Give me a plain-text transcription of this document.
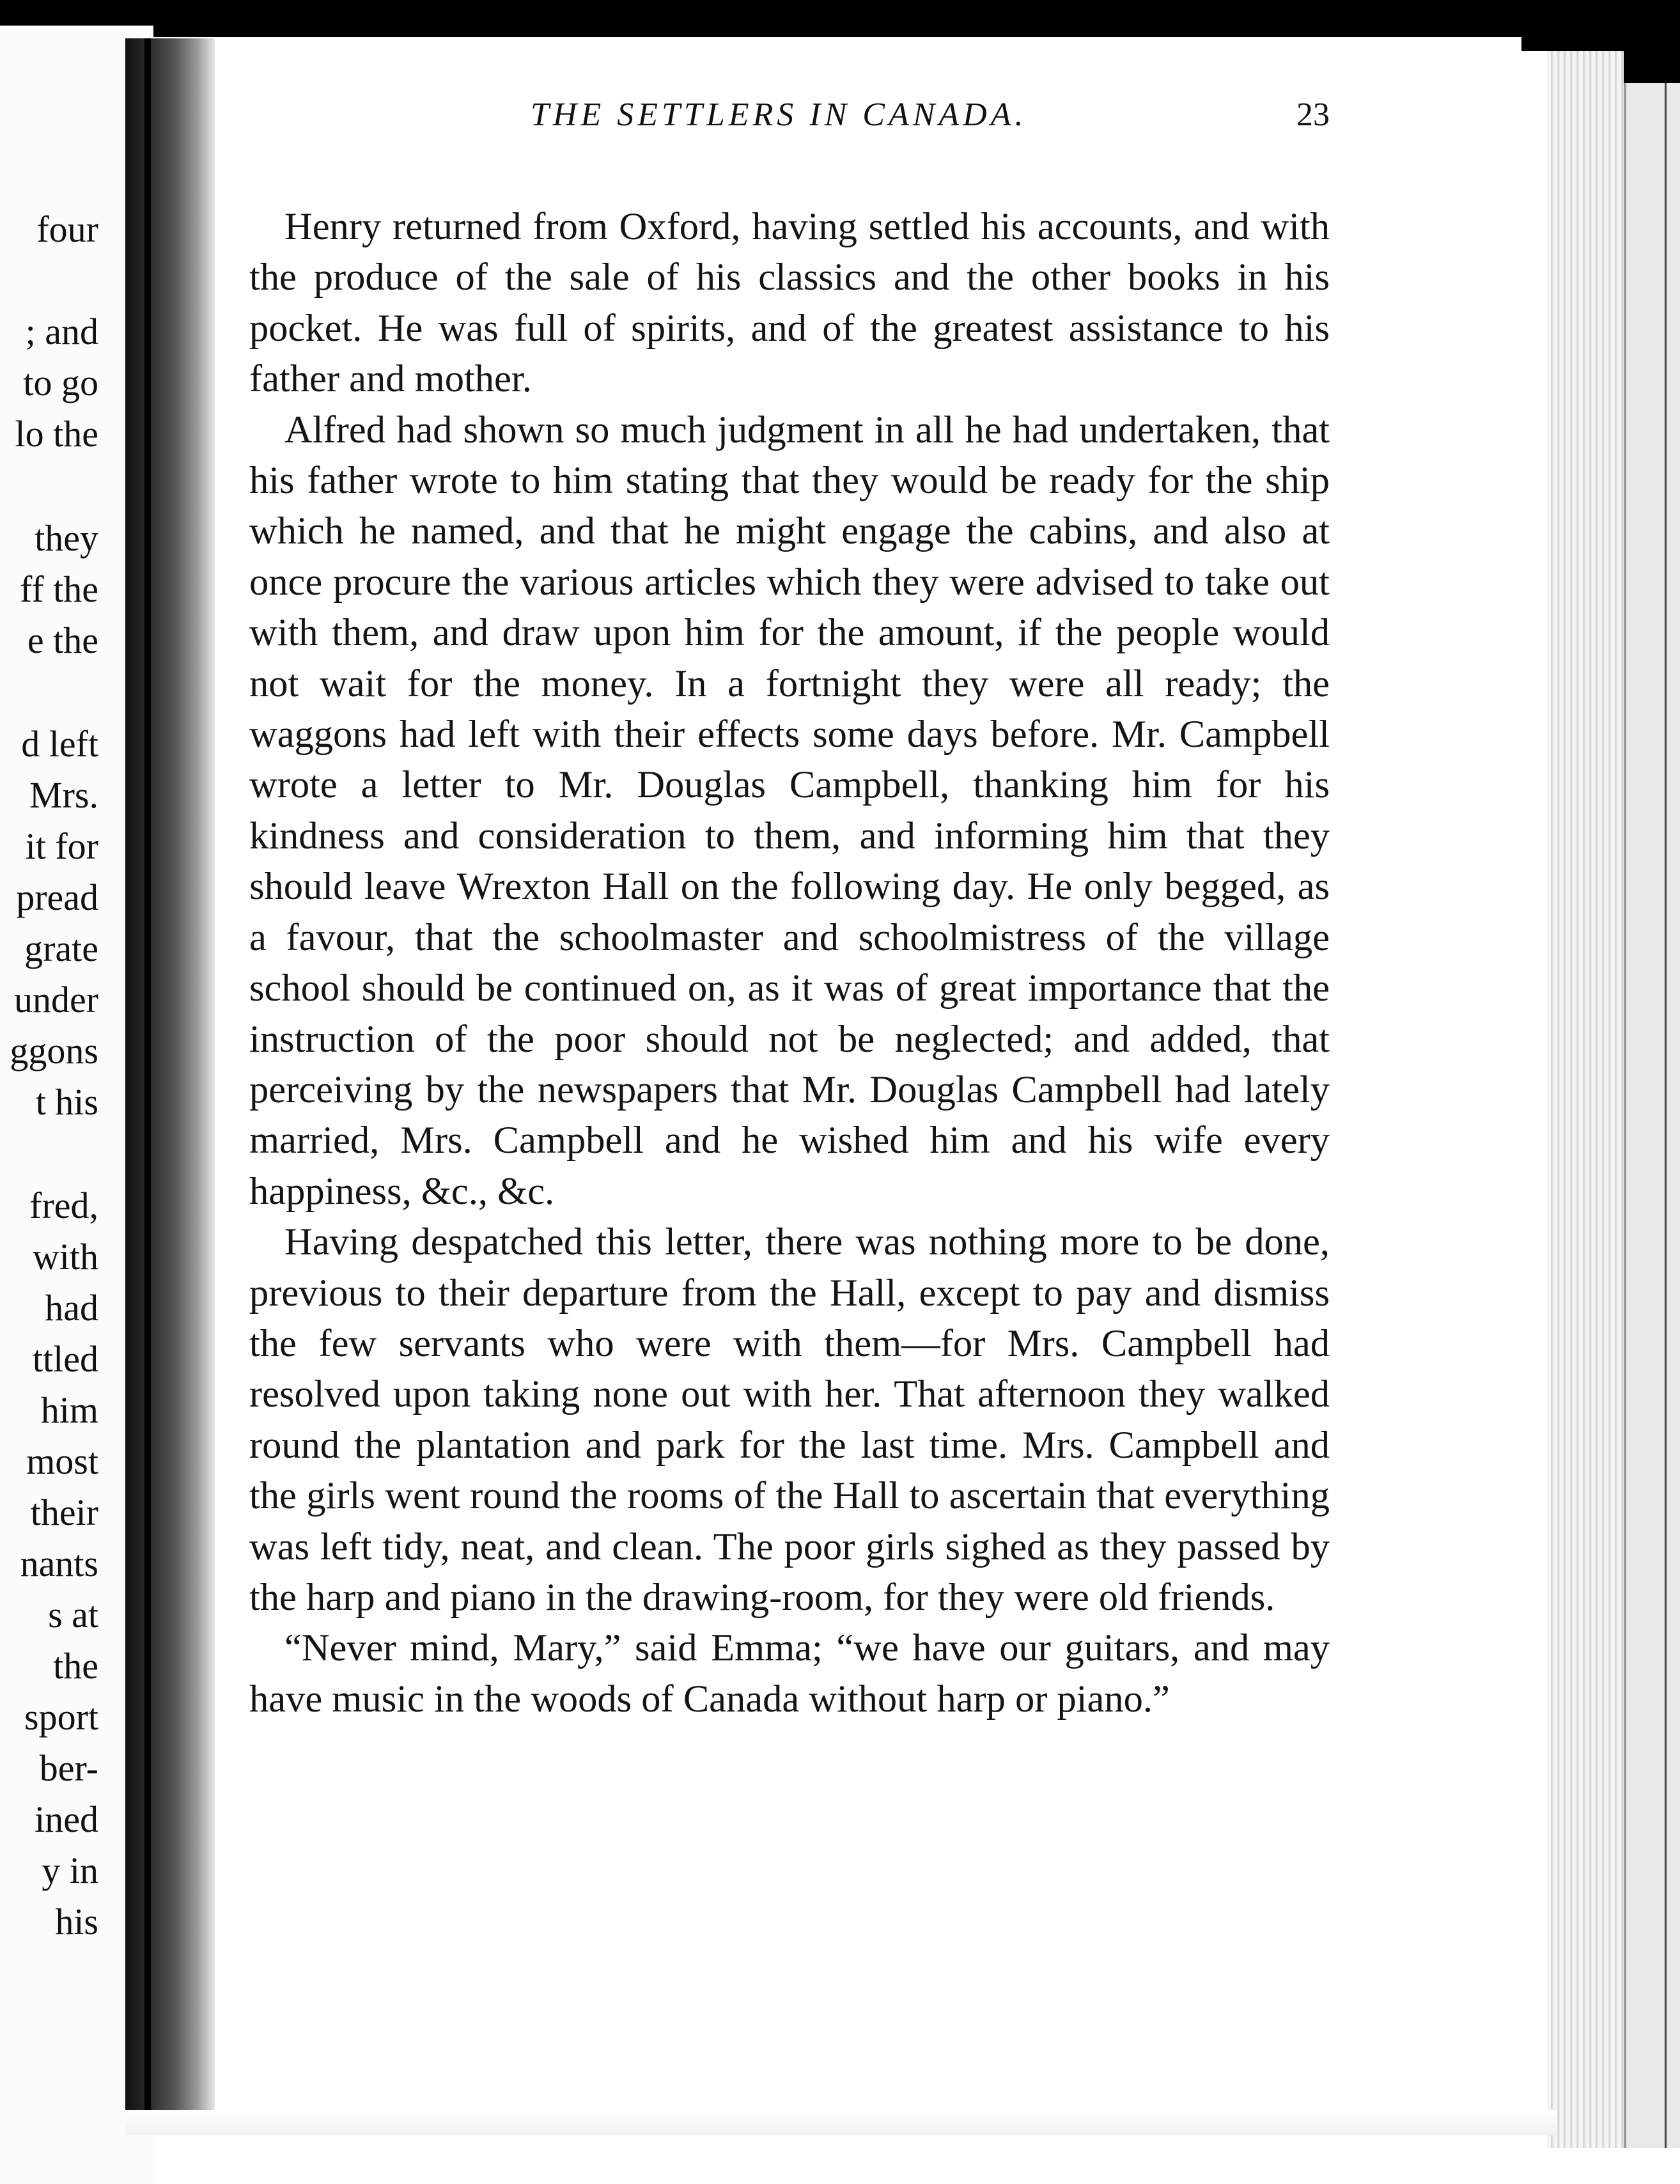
four
; and
to go
lo the
they
ff the
e the
d left
Mrs.
it for
pread
grate
under
ggons
t his
fred,
with
had
ttled
him
most
their
nants
s at
the
sport
ber-
ined
y in
his
THE SETTLERS IN CANADA.	23

Henry returned from Oxford, having settled his accounts, and with the produce of the sale of his classics and the other books in his pocket. He was full of spirits, and of the greatest assistance to his father and mother.

Alfred had shown so much judgment in all he had undertaken, that his father wrote to him stating that they would be ready for the ship which he named, and that he might engage the cabins, and also at once procure the various articles which they were advised to take out with them, and draw upon him for the amount, if the people would not wait for the money. In a fortnight they were all ready; the waggons had left with their effects some days before. Mr. Campbell wrote a letter to Mr. Douglas Campbell, thanking him for his kindness and consideration to them, and informing him that they should leave Wrexton Hall on the following day. He only begged, as a favour, that the schoolmaster and schoolmistress of the village school should be continued on, as it was of great importance that the instruction of the poor should not be neglected; and added, that perceiving by the newspapers that Mr. Douglas Campbell had lately married, Mrs. Campbell and he wished him and his wife every happiness, &c., &c.

Having despatched this letter, there was nothing more to be done, previous to their departure from the Hall, except to pay and dismiss the few servants who were with them—for Mrs. Campbell had resolved upon taking none out with her. That afternoon they walked round the plantation and park for the last time. Mrs. Campbell and the girls went round the rooms of the Hall to ascertain that everything was left tidy, neat, and clean. The poor girls sighed as they passed by the harp and piano in the drawing-room, for they were old friends.

“Never mind, Mary,” said Emma; “we have our guitars, and may have music in the woods of Canada without harp or piano.”
